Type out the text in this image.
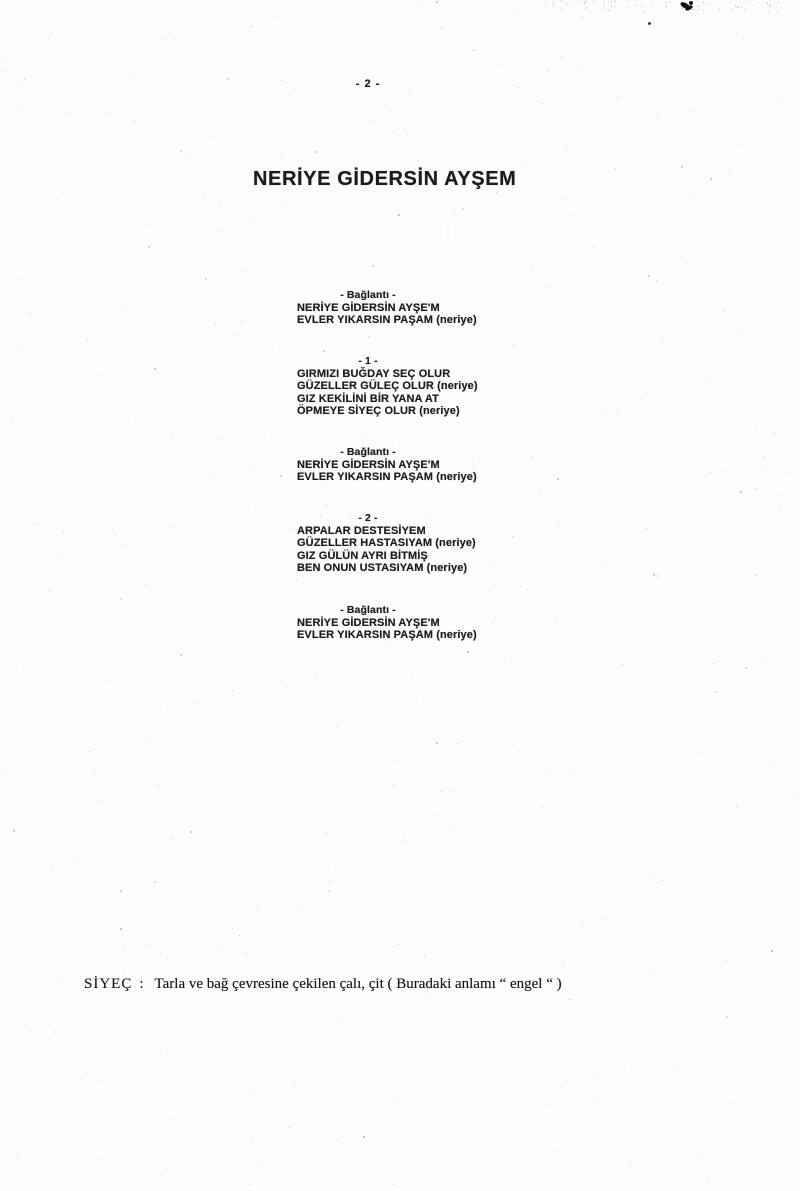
- 2 -
NERİYE GİDERSİN AYŞEM
- Bağlantı -
NERİYE GİDERSİN AYŞE'M
EVLER YIKARSIN PAŞAM (neriye)
- 1 -
GIRMIZI BUĞDAY SEÇ OLUR
GÜZELLER GÜLEÇ OLUR (neriye)
GIZ KEKİLİNİ BİR YANA AT
ÖPMEYE SİYEÇ OLUR (neriye)
- Bağlantı -
NERİYE GİDERSİN AYŞE'M
EVLER YIKARSIN PAŞAM (neriye)
- 2 -
ARPALAR DESTESİYEM
GÜZELLER HASTASIYAM (neriye)
GIZ GÜLÜN AYRI BİTMİŞ
BEN ONUN USTASIYAM (neriye)
- Bağlantı -
NERİYE GİDERSİN AYŞE'M
EVLER YIKARSIN PAŞAM (neriye)
SİYEÇ : Tarla ve bağ çevresine çekilen çalı, çit ( Buradaki anlamı “ engel “ )
